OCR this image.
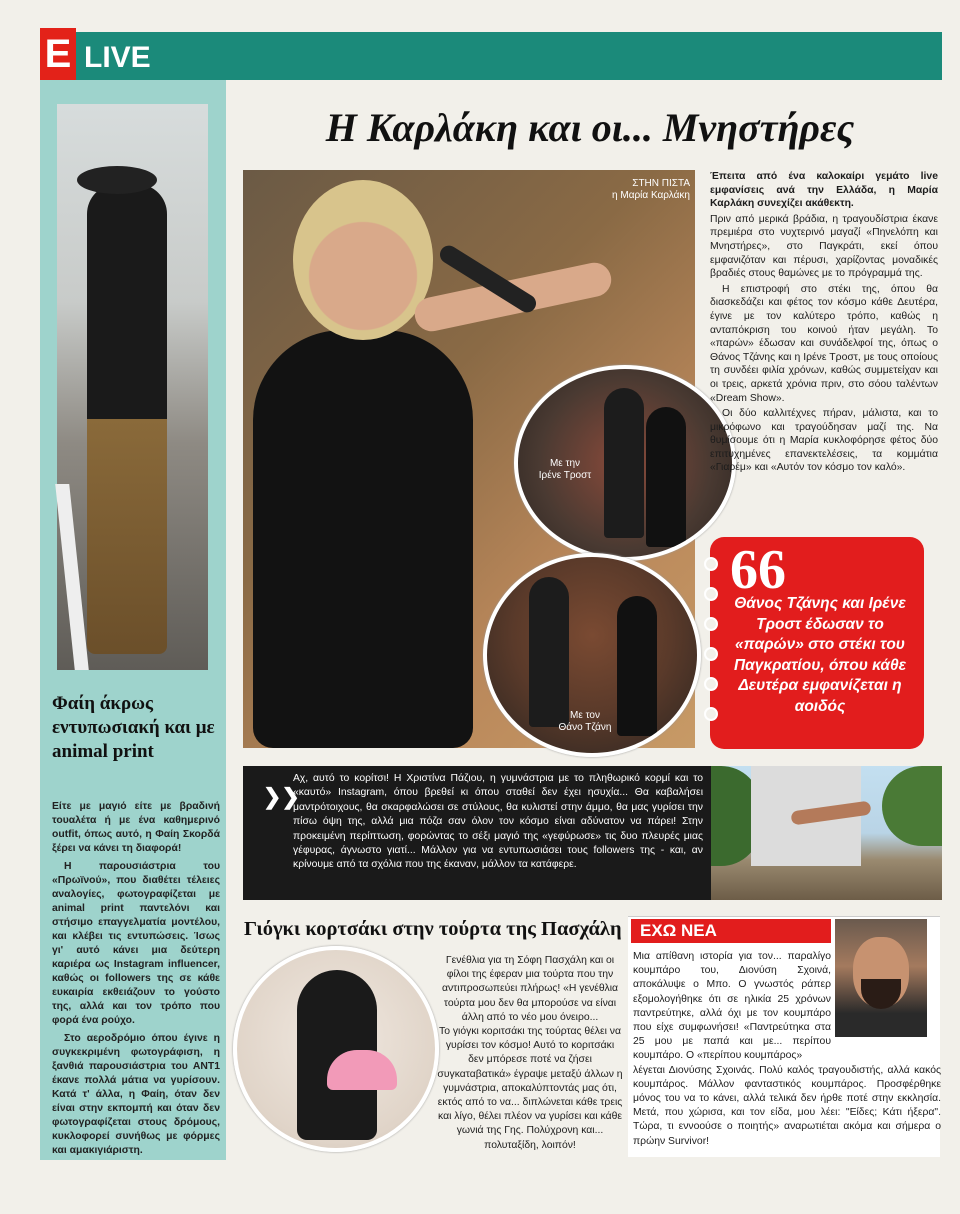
E LIVE
Φαίη άκρως εντυπωσιακή και με animal print

Είτε με μαγιό είτε με βραδινή τουαλέτα ή με ένα καθημερινό outfit, όπως αυτό, η Φαίη Σκορδά ξέρει να κάνει τη διαφορά!

Η παρουσιάστρια του «Πρωϊνού», που διαθέτει τέλειες αναλογίες, φωτογραφίζεται με animal print παντελόνι και στήσιμο επαγγελματία μοντέλου, και κλέβει τις εντυπώσεις. Ίσως γι' αυτό κάνει μια δεύτερη καριέρα ως Instagram influencer, καθώς οι followers της σε κάθε ευκαιρία εκθειάζουν το γούστο της, αλλά και τον τρόπο που φορά ένα ρούχο.

Στο αεροδρόμιο όπου έγινε η συγκεκριμένη φωτογράφιση, η ξανθιά παρουσιάστρια του ΑΝΤ1 έκανε πολλά μάτια να γυρίσουν. Κατά τ' άλλα, η Φαίη, όταν δεν είναι στην εκπομπή και όταν δεν φωτογραφίζεται στους δρόμους, κυκλοφορεί συνήθως με φόρμες και αμακιγιάριστη.

Η Καρλάκη και οι... Μνηστήρες
ΣΤΗΝ ΠΙΣΤΑ
η Μαρία Καρλάκη
Με την
Ιρένε Τροστ
Με τον
Θάνο Τζάνη

Έπειτα από ένα καλοκαίρι γεμάτο live εμφανίσεις ανά την Ελλάδα, η Μαρία Καρλάκη συνεχίζει ακάθεκτη.

Πριν από μερικά βράδια, η τραγουδίστρια έκανε πρεμιέρα στο νυχτερινό μαγαζί «Πηνελόπη και Μνηστήρες», στο Παγκράτι, εκεί όπου εμφανιζόταν και πέρυσι, χαρίζοντας μοναδικές βραδιές στους θαμώνες με το πρόγραμμά της.

Η επιστροφή στο στέκι της, όπου θα διασκεδάζει και φέτος τον κόσμο κάθε Δευτέρα, έγινε με τον καλύτερο τρόπο, καθώς η ανταπόκριση του κοινού ήταν μεγάλη. Το «παρών» έδωσαν και συνάδελφοί της, όπως ο Θάνος Τζάνης και η Ιρένε Τροστ, με τους οποίους τη συνδέει φιλία χρόνων, καθώς συμμετείχαν και οι τρεις, αρκετά χρόνια πριν, στο σόου ταλέντων «Dream Show».

Οι δύο καλλιτέχνες πήραν, μάλιστα, και το μικρόφωνο και τραγούδησαν μαζί της. Να θυμίσουμε ότι η Μαρία κυκλοφόρησε φέτος δύο επιτυχημένες επανεκτελέσεις, τα κομμάτια «Γιαρέμ» και «Αυτόν τον κόσμο τον καλό».

66
Θάνος Τζάνης και Ιρένε Τροστ έδωσαν το «παρών» στο στέκι του Παγκρατίου, όπου κάθε Δευτέρα εμφανίζεται η αοιδός
❯❯
Αχ, αυτό το κορίτσι! Η Χριστίνα Πάζιου, η γυμνάστρια με το πληθωρικό κορμί και το «καυτό» Instagram, όπου βρεθεί κι όπου σταθεί δεν έχει ησυχία... Θα καβαλήσει μαντρότοιχους, θα σκαρφαλώσει σε στύλους, θα κυλιστεί στην άμμο, θα μας γυρίσει την πίσω όψη της, αλλά μια πόζα σαν όλον τον κόσμο είναι αδύνατον να πάρει! Στην προκειμένη περίπτωση, φορώντας το σέξι μαγιό της «γεφύρωσε» τις δυο πλευρές μιας γέφυρας, άγνωστο γιατί... Μάλλον για να εντυπωσιάσει τους followers της - και, αν κρίνουμε από τα σχόλια που της έκαναν, μάλλον τα κατάφερε.
Γιόγκι κορτσάκι στην τούρτα της Πασχάλη

Γενέθλια για τη Σόφη Πασχάλη και οι φίλοι της έφεραν μια τούρτα που την αντιπροσωπεύει πλήρως! «Η γενέθλια τούρτα μου δεν θα μπορούσε να είναι άλλη από το νέο μου όνειρο...

Το γιόγκι κοριτσάκι της τούρτας θέλει να γυρίσει τον κόσμο! Αυτό το κοριτσάκι δεν μπόρεσε ποτέ να ζήσει συγκαταβατικά» έγραψε μεταξύ άλλων η γυμνάστρια, αποκαλύπτοντάς μας ότι, εκτός από το να... διπλώνεται κάθε τρεις και λίγο, θέλει πλέον να γυρίσει και κάθε γωνιά της Γης. Πολύχρονη και... πολυταξίδη, λοιπόν!

ΕΧΩ ΝΕΑ

Μια απίθανη ιστορία για τον... παραλίγο κουμπάρο του, Διονύση Σχοινά, αποκάλυψε ο Μπο. Ο γνωστός ράπερ εξομολογήθηκε ότι σε ηλικία 25 χρόνων παντρεύτηκε, αλλά όχι με τον κουμπάρο που είχε συμφωνήσει! «Παντρεύτηκα στα 25 μου με παπά και με... περίπου κουμπάρο. Ο «περίπου κουμπάρος»

λέγεται Διονύσης Σχοινάς. Πολύ καλός τραγουδιστής, αλλά κακός κουμπάρος. Μάλλον φανταστικός κουμπάρος. Προσφέρθηκε μόνος του να το κάνει, αλλά τελικά δεν ήρθε ποτέ στην εκκλησία. Μετά, που χώρισα, και τον είδα, μου λέει: "Είδες; Κάτι ήξερα". Τώρα, τι εννοούσε ο ποιητής» αναρωτιέται ακόμα και σήμερα ο πρώην Survivor!
